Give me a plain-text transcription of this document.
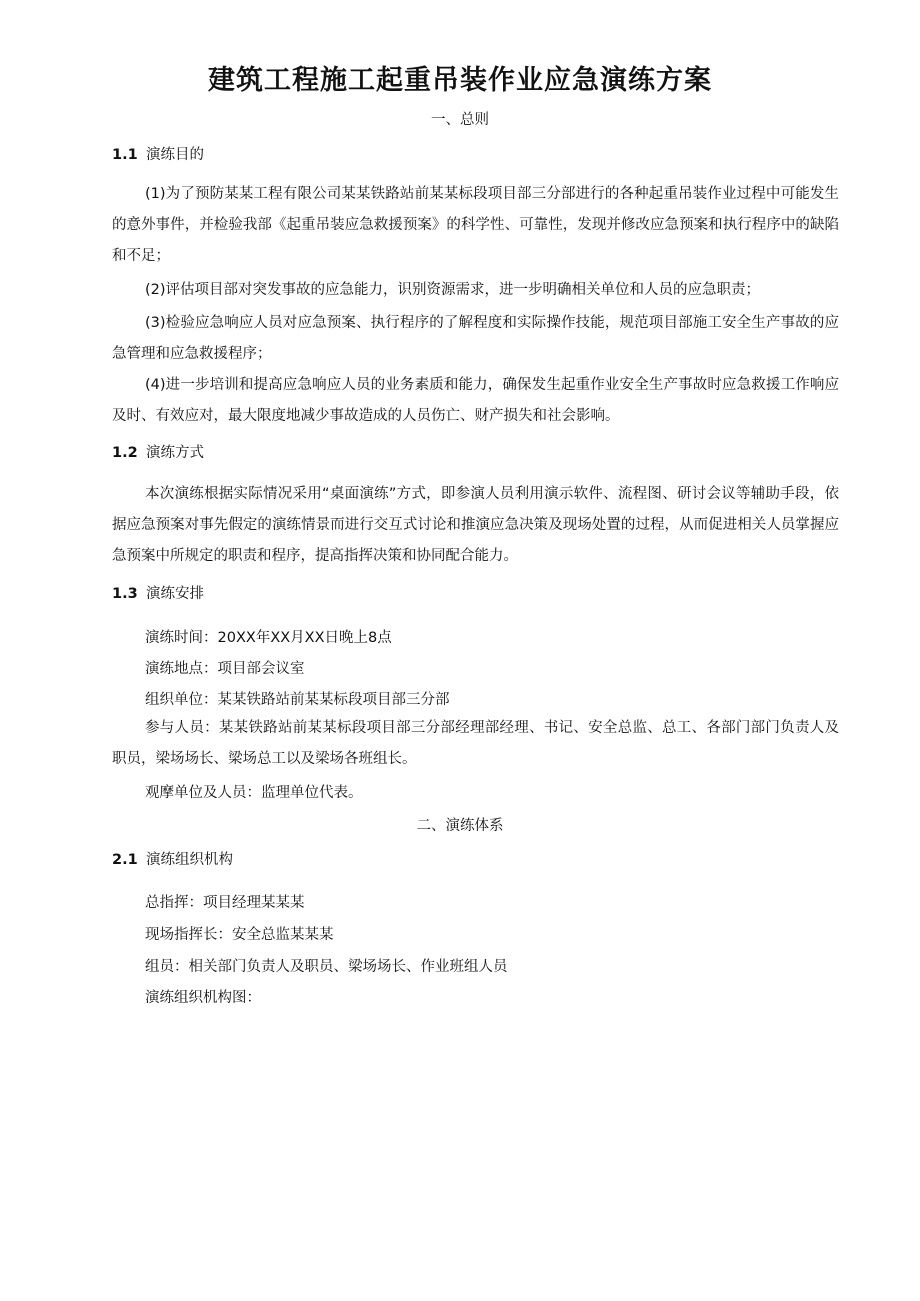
建筑工程施工起重吊装作业应急演练方案

一、总则

1.1 演练目的

(1)为了预防某某工程有限公司某某铁路站前某某标段项目部三分部进行的各种起重吊装作业过程中可能发生的意外事件，并检验我部《起重吊装应急救援预案》的科学性、可靠性，发现并修改应急预案和执行程序中的缺陷和不足；

(2)评估项目部对突发事故的应急能力，识别资源需求，进一步明确相关单位和人员的应急职责；

(3)检验应急响应人员对应急预案、执行程序的了解程度和实际操作技能，规范项目部施工安全生产事故的应急管理和应急救援程序；

(4)进一步培训和提高应急响应人员的业务素质和能力，确保发生起重作业安全生产事故时应急救援工作响应及时、有效应对，最大限度地减少事故造成的人员伤亡、财产损失和社会影响。

1.2 演练方式

本次演练根据实际情况采用“桌面演练”方式，即参演人员利用演示软件、流程图、研讨会议等辅助手段，依据应急预案对事先假定的演练情景而进行交互式讨论和推演应急决策及现场处置的过程，从而促进相关人员掌握应急预案中所规定的职责和程序，提高指挥决策和协同配合能力。

1.3 演练安排

演练时间：20XX年XX月XX日晚上8点

演练地点：项目部会议室

组织单位：某某铁路站前某某标段项目部三分部

参与人员：某某铁路站前某某标段项目部三分部经理部经理、书记、安全总监、总工、各部门部门负责人及职员，梁场场长、梁场总工以及梁场各班组长。

观摩单位及人员：监理单位代表。

二、演练体系

2.1 演练组织机构

总指挥：项目经理某某某

现场指挥长：安全总监某某某

组员：相关部门负责人及职员、梁场场长、作业班组人员

演练组织机构图：
